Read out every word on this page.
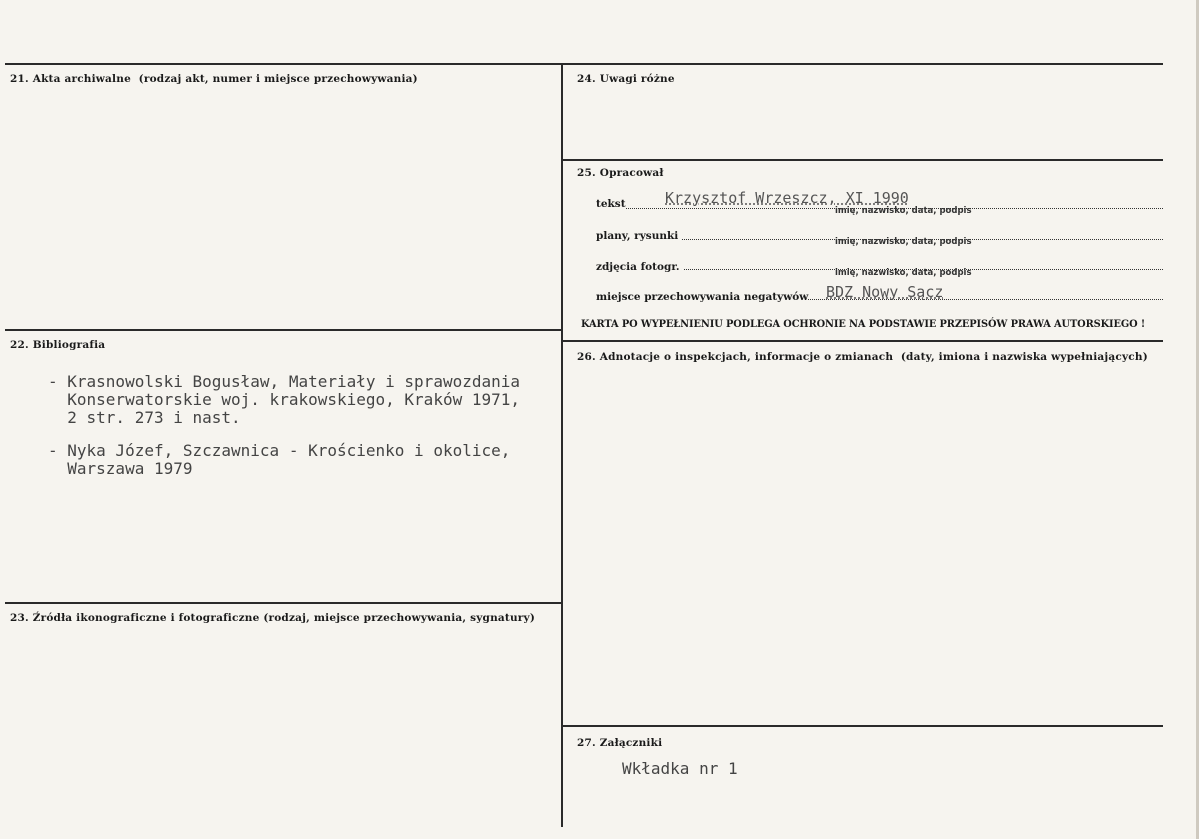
21. Akta archiwalne (rodzaj akt, numer i miejsce przechowywania)
22. Bibliografia
- Krasnowolski Bogusław, Materiały i sprawozdania
Konserwatorskie woj. krakowskiego, Kraków 1971,
2 str. 273 i nast.
- Nyka Józef, Szczawnica - Krościenko i okolice,
Warszawa 1979
23. Źródła ikonograficzne i fotograficzne (rodzaj, miejsce przechowywania, sygnatury)
24. Uwagi różne
25. Opracował
tekst	Krzysztof Wrzeszcz, XI 1990
imię, nazwisko, data, podpis
plany, rysunki	imię, nazwisko, data, podpis
zdjęcia fotogr.	imię, nazwisko, data, podpis
miejsce przechowywania negatywów BDZ Nowy Sącz
KARTA PO WYPEŁNIENIU PODLEGA OCHRONIE NA PODSTAWIE PRZEPISÓW PRAWA AUTORSKIEGO !
26. Adnotacje o inspekcjach, informacje o zmianach (daty, imiona i nazwiska wypełniających)
27. Załączniki
Wkładka nr 1
